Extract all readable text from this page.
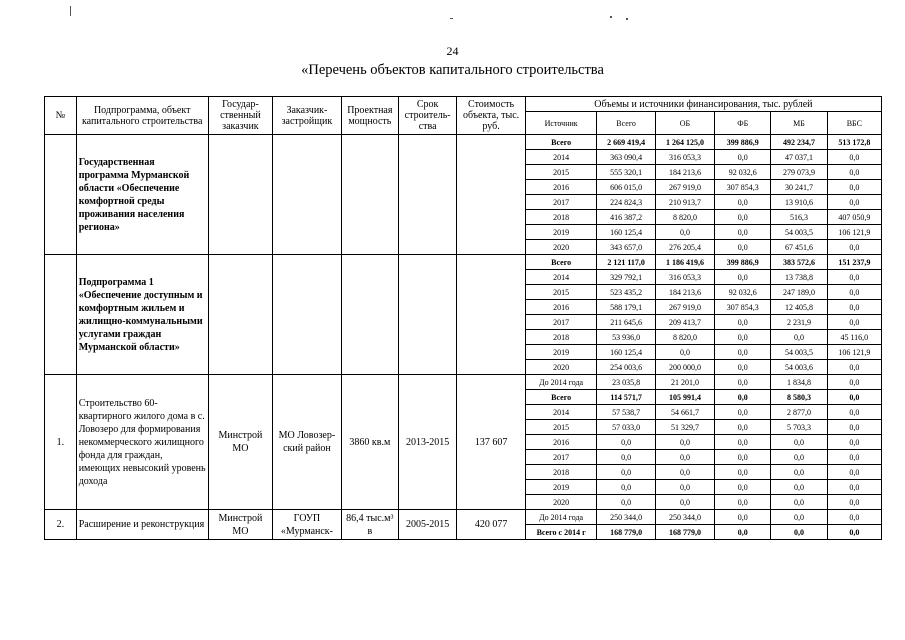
24
«Перечень объектов капитального строительства
№	Подпрограмма, объект капитального строительства	Государ-ственный заказчик	Заказчик-застройщик	Проектная мощность	Срок строитель-ства	Стоимость объекта, тыс. руб.	Объемы и источники финансирования, тыс. рублей					
							Источник	Всего	ОБ	ФБ	МБ	ВБС
	Государственная программа Мурманской области «Обеспечение комфортной среды проживания населения региона»						Всего	2 669 419,4	1 264 125,0	399 886,9	492 234,7	513 172,8
							2014	363 090,4	316 053,3	0,0	47 037,1	0,0
							2015	555 320,1	184 213,6	92 032,6	279 073,9	0,0
							2016	606 015,0	267 919,0	307 854,3	30 241,7	0,0
							2017	224 824,3	210 913,7	0,0	13 910,6	0,0
							2018	416 387,2	8 820,0	0,0	516,3	407 050,9
							2019	160 125,4	0,0	0,0	54 003,5	106 121,9
							2020	343 657,0	276 205,4	0,0	67 451,6	0,0
	Подпрограмма 1 «Обеспечение доступным и комфортным жильем и жилищно-коммунальными услугами граждан Мурманской области»						Всего	2 121 117,0	1 186 419,6	399 886,9	383 572,6	151 237,9
							2014	329 792,1	316 053,3	0,0	13 738,8	0,0
							2015	523 435,2	184 213,6	92 032,6	247 189,0	0,0
							2016	588 179,1	267 919,0	307 854,3	12 405,8	0,0
							2017	211 645,6	209 413,7	0,0	2 231,9	0,0
							2018	53 936,0	8 820,0	0,0	0,0	45 116,0
							2019	160 125,4	0,0	0,0	54 003,5	106 121,9
							2020	254 003,6	200 000,0	0,0	54 003,6	0,0
1.	Строительство 60-квартирного жилого дома в с. Ловозеро для формирования некоммерческого жилищного фонда для граждан, имеющих невысокий уровень дохода	Минстрой МО	МО Ловозер-ский район	3860 кв.м	2013-2015	137 607	До 2014 года	23 035,8	21 201,0	0,0	1 834,8	0,0
							Всего	114 571,7	105 991,4	0,0	8 580,3	0,0
							2014	57 538,7	54 661,7	0,0	2 877,0	0,0
							2015	57 033,0	51 329,7	0,0	5 703,3	0,0
							2016	0,0	0,0	0,0	0,0	0,0
							2017	0,0	0,0	0,0	0,0	0,0
							2018	0,0	0,0	0,0	0,0	0,0
							2019	0,0	0,0	0,0	0,0	0,0
							2020	0,0	0,0	0,0	0,0	0,0
2.	Расширение и реконструкция	Минстрой МО	ГОУП «Мурманск-	86,4 тыс.м³ в	2005-2015	420 077	До 2014 года	250 344,0	250 344,0	0,0	0,0	0,0
							Всего с 2014 г	168 779,0	168 779,0	0,0	0,0	0,0
